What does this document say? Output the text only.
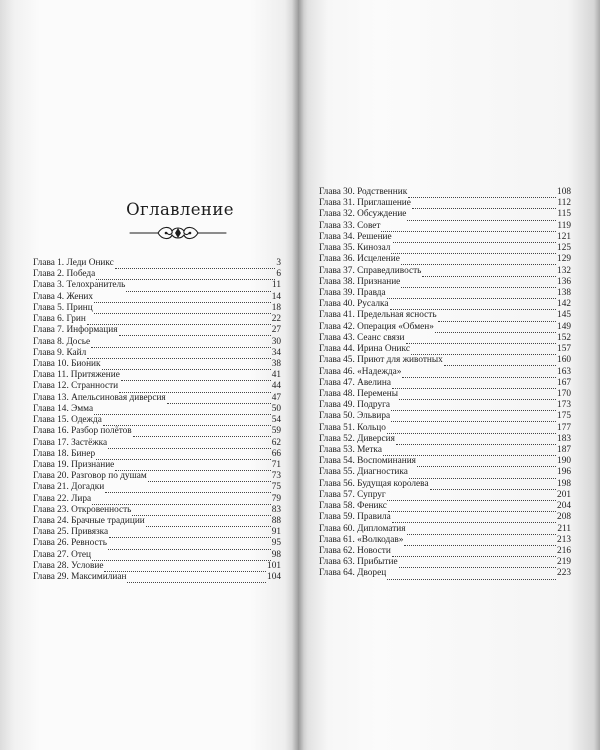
Оглавление
Глава 1. Леди Оникс	3
Глава 2. Победа	6
Глава 3. Телохранитель	11
Глава 4. Жених	14
Глава 5. Принц	18
Глава 6. Грин	22
Глава 7. Информация	27
Глава 8. Досье	30
Глава 9. Кайл	34
Глава 10. Бионик	38
Глава 11. Притяжение	41
Глава 12. Странности	44
Глава 13. Апельсиновая диверсия	47
Глава 14. Эмма	50
Глава 15. Одежда	54
Глава 16. Разбор полётов	59
Глава 17. Застёжка	62
Глава 18. Бинер	66
Глава 19. Признание	71
Глава 20. Разговор по душам	73
Глава 21. Догадки	75
Глава 22. Лира	79
Глава 23. Откровенность	83
Глава 24. Брачные традиции	88
Глава 25. Привязка	91
Глава 26. Ревность	95
Глава 27. Отец	98
Глава 28. Условие	101
Глава 29. Максимилиан	104
Глава 30. Родственник	108
Глава 31. Приглашение	112
Глава 32. Обсуждение	115
Глава 33. Совет	119
Глава 34. Решение	121
Глава 35. Кинозал	125
Глава 36. Исцеление	129
Глава 37. Справедливость	132
Глава 38. Признание	136
Глава 39. Правда	138
Глава 40. Русалка	142
Глава 41. Предельная ясность	145
Глава 42. Операция «Обмен»	149
Глава 43. Сеанс связи	152
Глава 44. Ирина Оникс	157
Глава 45. Приют для животных	160
Глава 46. «Надежда»	163
Глава 47. Авелина	167
Глава 48. Перемены	170
Глава 49. Подруга	173
Глава 50. Эльвира	175
Глава 51. Кольцо	177
Глава 52. Диверсия	183
Глава 53. Метка	187
Глава 54. Воспоминания	190
Глава 55. Диагностика	196
Глава 56. Будущая королева	198
Глава 57. Супруг	201
Глава 58. Феникс	204
Глава 59. Правила	208
Глава 60. Дипломатия	211
Глава 61. «Волкодав»	213
Глава 62. Новости	216
Глава 63. Прибытие	219
Глава 64. Дворец	223
